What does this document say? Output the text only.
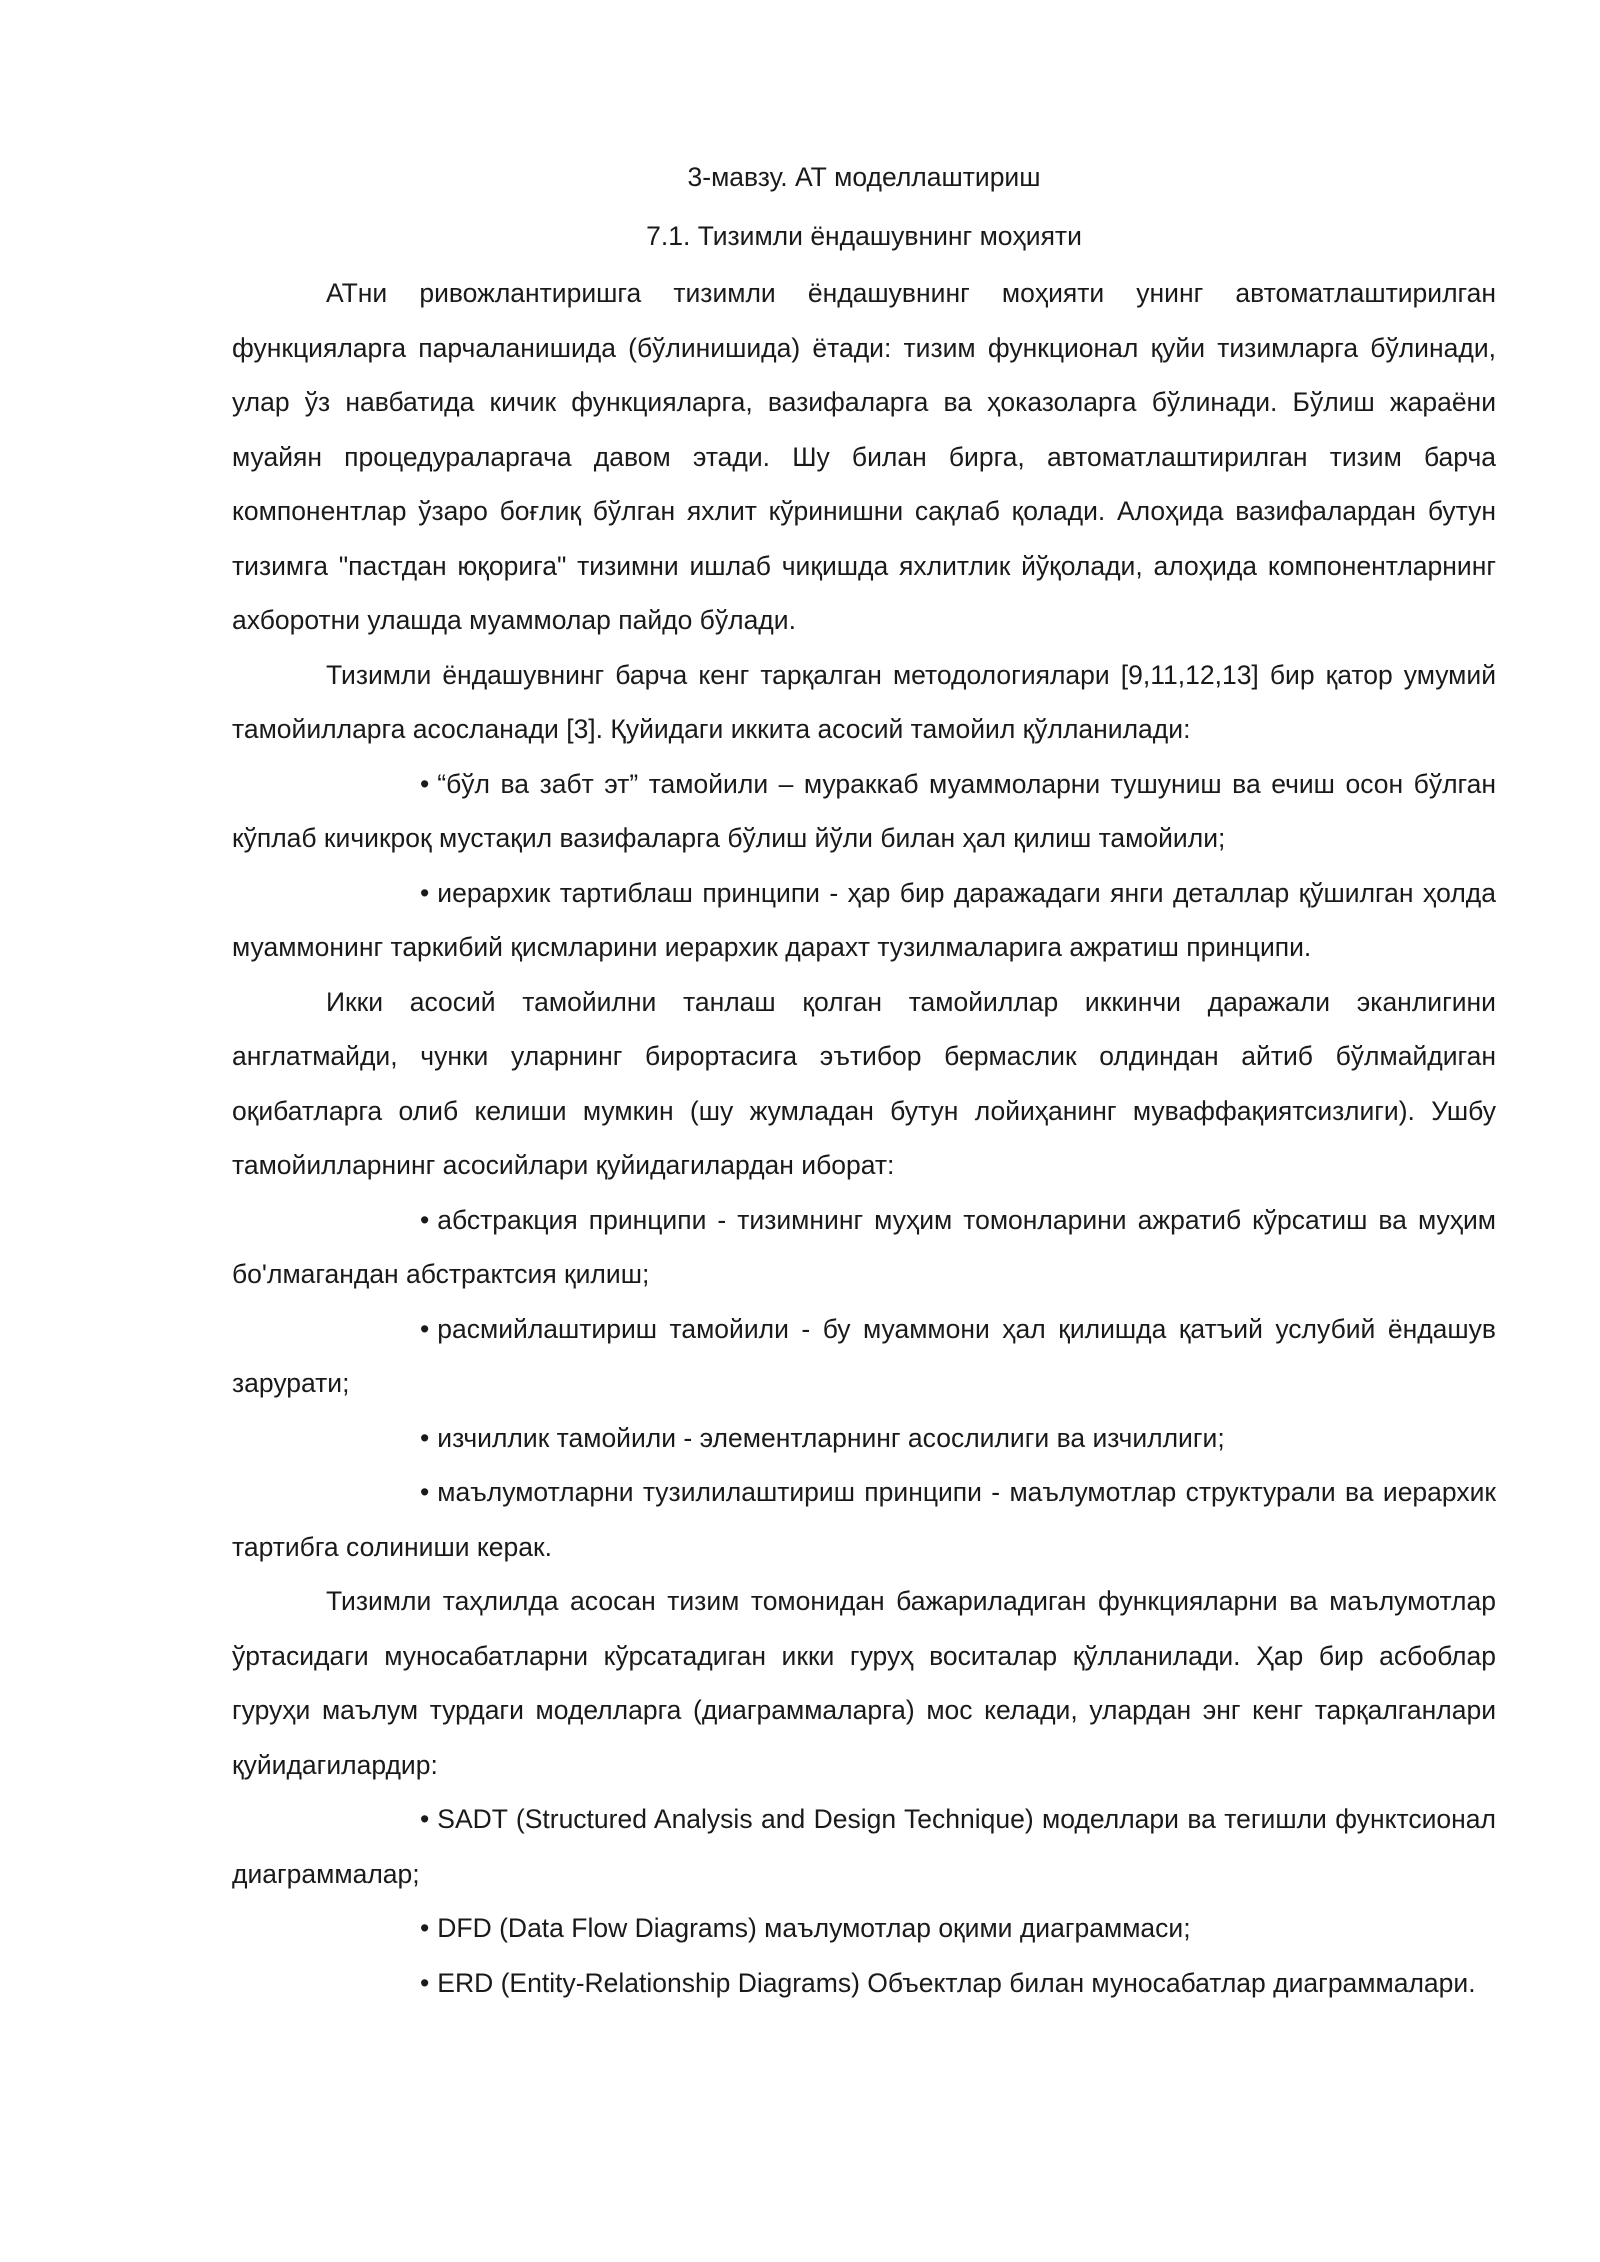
3-мавзу. АТ моделлаштириш
7.1. Тизимли ёндашувнинг моҳияти

АТни ривожлантиришга тизимли ёндашувнинг моҳияти унинг автоматлаштирилган функцияларга парчаланишида (бўлинишида) ётади: тизим функционал қуйи тизимларга бўлинади, улар ўз навбатида кичик функцияларга, вазифаларга ва ҳоказоларга бўлинади. Бўлиш жараёни муайян процедураларгача давом этади. Шу билан бирга, автоматлаштирилган тизим барча компонентлар ўзаро боғлиқ бўлган яхлит кўринишни сақлаб қолади. Алоҳида вазифалардан бутун тизимга "пастдан юқорига" тизимни ишлаб чиқишда яхлитлик йўқолади, алоҳида компонентларнинг ахборотни улашда муаммолар пайдо бўлади.

Тизимли ёндашувнинг барча кенг тарқалган методологиялари [9,11,12,13] бир қатор умумий тамойилларга асосланади [3]. Қуйидаги иккита асосий тамойил қўлланилади:

• “бўл ва забт эт” тамойили – мураккаб муаммоларни тушуниш ва ечиш осон бўлган кўплаб кичикроқ мустақил вазифаларга бўлиш йўли билан ҳал қилиш тамойили;

• иерархик тартиблаш принципи - ҳар бир даражадаги янги деталлар қўшилган ҳолда муаммонинг таркибий қисмларини иерархик дарахт тузилмаларига ажратиш принципи.

Икки асосий тамойилни танлаш қолган тамойиллар иккинчи даражали эканлигини англатмайди, чунки уларнинг бирортасига эътибор бермаслик олдиндан айтиб бўлмайдиган оқибатларга олиб келиши мумкин (шу жумладан бутун лойиҳанинг муваффақиятсизлиги). Ушбу тамойилларнинг асосийлари қуйидагилардан иборат:

• абстракция принципи - тизимнинг муҳим томонларини ажратиб кўрсатиш ва муҳим бо'лмагандан абстрактсия қилиш;

• расмийлаштириш тамойили - бу муаммони ҳал қилишда қатъий услубий ёндашув зарурати;

• изчиллик тамойили - элементларнинг асослилиги ва изчиллиги;

• маълумотларни тузилилаштириш принципи - маълумотлар структурали ва иерархик тартибга солиниши керак.

Тизимли таҳлилда асосан тизим томонидан бажариладиган функцияларни ва маълумотлар ўртасидаги муносабатларни кўрсатадиган икки гуруҳ воситалар қўлланилади. Ҳар бир асбоблар гуруҳи маълум турдаги моделларга (диаграммаларга) мос келади, улардан энг кенг тарқалганлари қуйидагилардир:

• SADT (Structured Analysis and Design Technique) моделлари ва тегишли функтсионал диаграммалар;

• DFD (Data Flow Diagrams) маълумотлар оқими диаграммаси;

• ERD (Entity-Relationship Diagrams) Объектлар билан муносабатлар диаграммалари.
